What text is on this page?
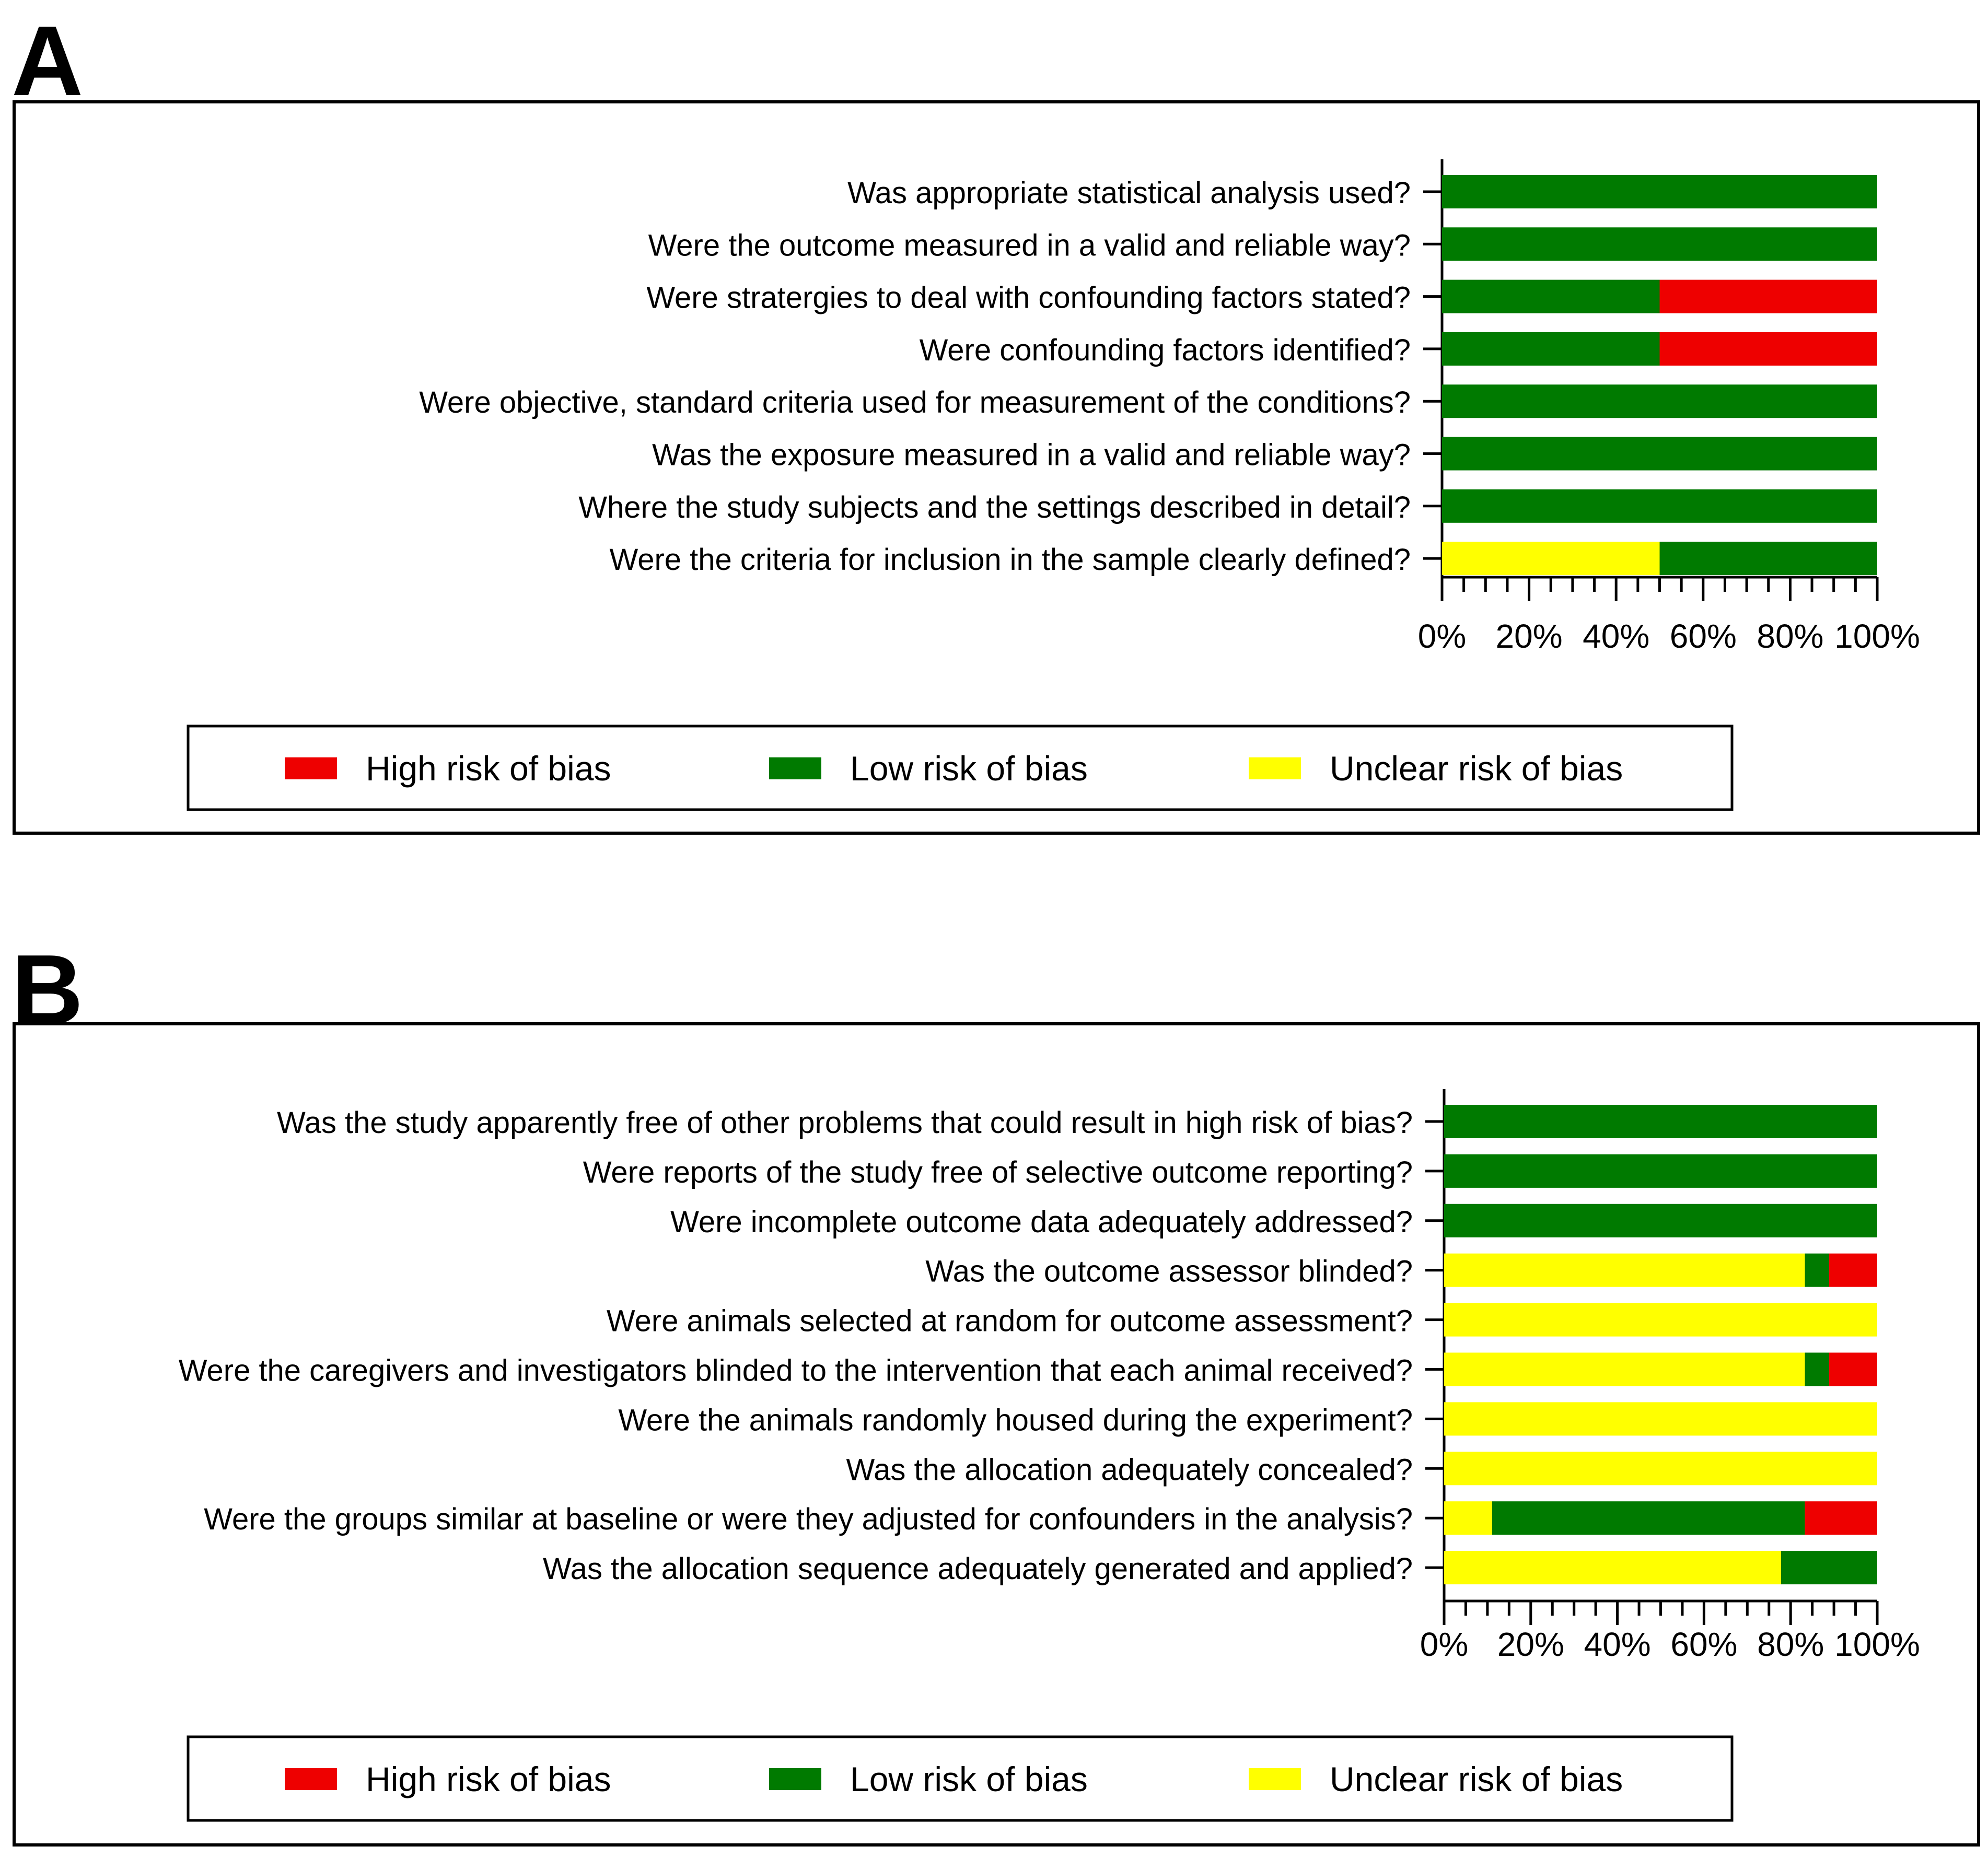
A
B
0% 20% 40% 60% 80% 100%
Was appropriate statistical analysis used?
Were the outcome measured in a valid and reliable way?
Were stratergies to deal with confounding factors stated?
Were confounding factors identified?
Were objective, standard criteria used for measurement of the conditions?
Was the exposure measured in a valid and reliable way?
Where the study subjects and the settings described in detail?
Were the criteria for inclusion in the sample clearly defined?
High risk of bias	Low risk of bias	Unclear risk of bias
0% 20% 40% 60% 80% 100%
Was the study apparently free of other problems that could result in high risk of bias?
Were reports of the study free of selective outcome reporting?
Were incomplete outcome data adequately addressed?
Was the outcome assessor blinded?
Were animals selected at random for outcome assessment?
Were the caregivers and investigators blinded to the intervention that each animal received?
Were the animals randomly housed during the experiment?
Was the allocation adequately concealed?
Were the groups similar at baseline or were they adjusted for confounders in the analysis?
Was the allocation sequence adequately generated and applied?
High risk of bias	Low risk of bias	Unclear risk of bias
